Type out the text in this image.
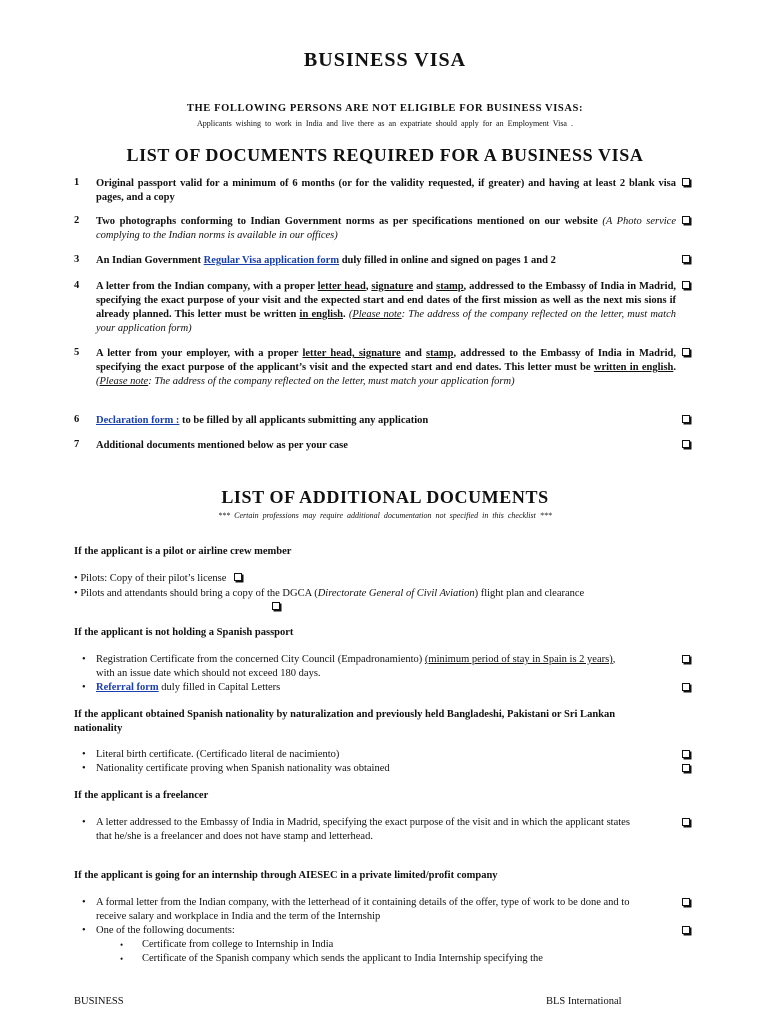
BUSINESS VISA
THE FOLLOWING PERSONS ARE NOT ELIGIBLE FOR BUSINESS VISAS:
Applicants wishing to work in India and live there as an expatriate should apply for an Employment Visa .
LIST OF DOCUMENTS REQUIRED FOR A BUSINESS VISA
1 Original passport valid for a minimum of 6 months (or for the validity requested, if greater) and having at least 2 blank visa pages, and a copy
2 Two photographs conforming to Indian Government norms as per specifications mentioned on our website (A Photo service complying to the Indian norms is available in our offices)
3 An Indian Government Regular Visa application form duly filled in online and signed on pages 1 and 2
4 A letter from the Indian company, with a proper letter head, signature and stamp, addressed to the Embassy of India in Madrid, specifying the exact purpose of your visit and the expected start and end dates of the first mission as well as the next mis sions if already planned. This letter must be written in english. (Please note: The address of the company reflected on the letter, must match your application form)
5 A letter from your employer, with a proper letter head, signature and stamp, addressed to the Embassy of India in Madrid, specifying the exact purpose of the applicant’s visit and the expected start and end dates. This letter must be written in english. (Please note: The address of the company reflected on the letter, must match your application form)
6 Declaration form : to be filled by all applicants submitting any application
7 Additional documents mentioned below as per your case
LIST OF ADDITIONAL DOCUMENTS
*** Certain professions may require additional documentation not specified in this checklist ***
If the applicant is a pilot or airline crew member
• Pilots: Copy of their pilot’s license
• Pilots and attendants should bring a copy of the DGCA (Directorate General of Civil Aviation) flight plan and clearance
If the applicant is not holding a Spanish passport
• Registration Certificate from the concerned City Council (Empadronamiento) (minimum period of stay in Spain is 2 years), with an issue date which should not exceed 180 days.
• Referral form duly filled in Capital Letters
If the applicant obtained Spanish nationality by naturalization and previously held Bangladeshi, Pakistani or Sri Lankan nationality
• Literal birth certificate. (Certificado literal de nacimiento)
• Nationality certificate proving when Spanish nationality was obtained
If the applicant is a freelancer
• A letter addressed to the Embassy of India in Madrid, specifying the exact purpose of the visit and in which the applicant states that he/she is a freelancer and does not have stamp and letterhead.
If the applicant is going for an internship through AIESEC in a private limited/profit company
• A formal letter from the Indian company, with the letterhead of it containing details of the offer, type of work to be done and to receive salary and workplace in India and the term of the Internship
• One of the following documents:
• Certificate from college to Internship in India
• Certificate of the Spanish company which sends the applicant to India Internship specifying the
BUSINESS	BLS International
